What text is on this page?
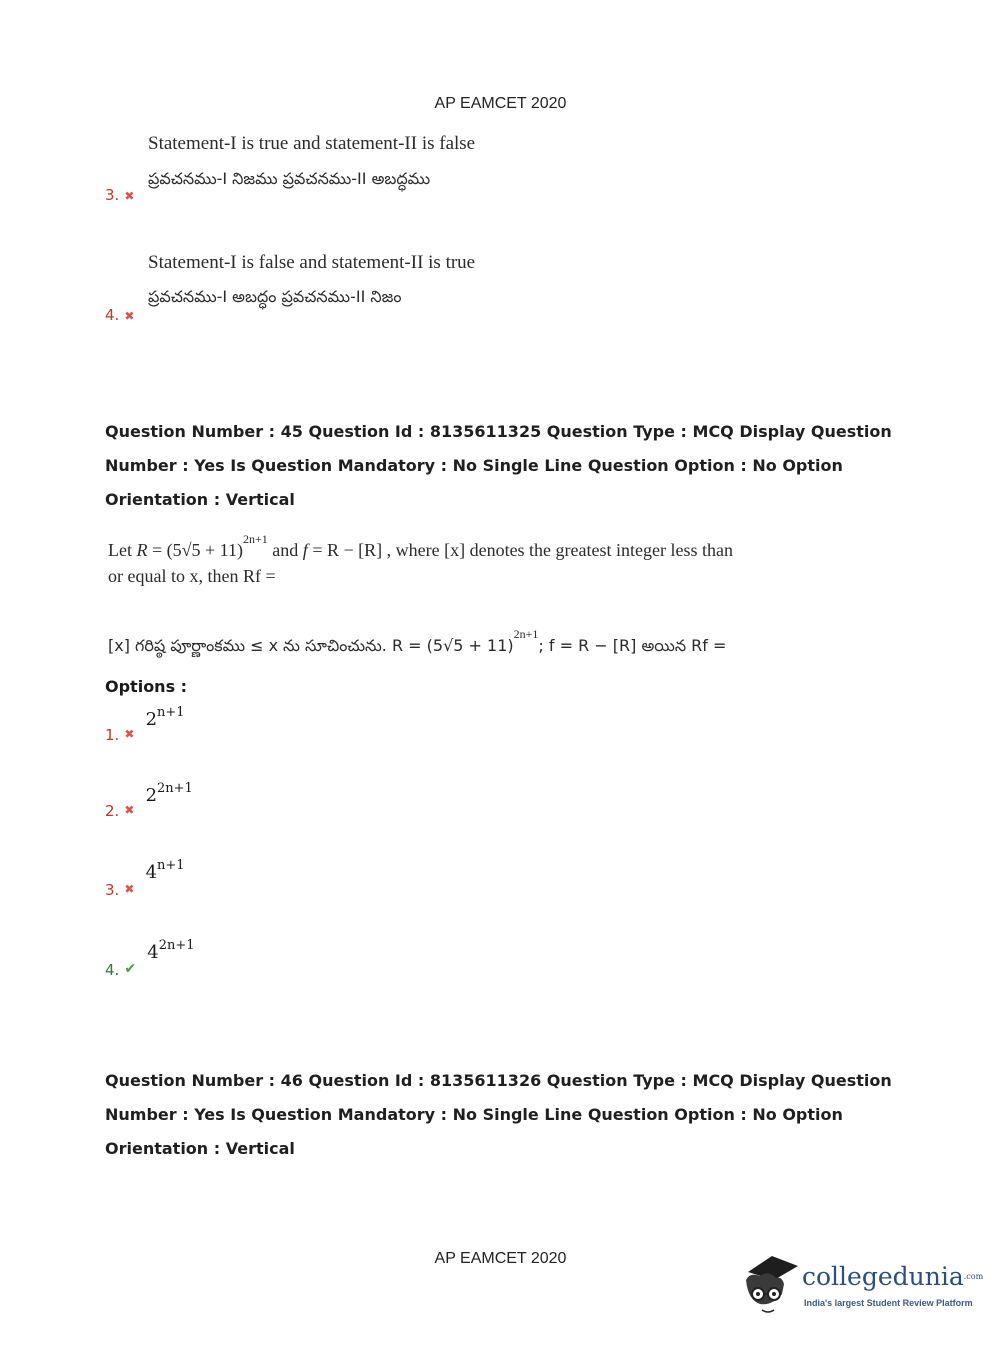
AP EAMCET 2020
Statement-I is true and statement-II is false
ప్రవచనము-I నిజము ప్రవచనము-II అబద్ధము
3. ✖
Statement-I is false and statement-II is true
ప్రవచనము-I అబద్ధం ప్రవచనము-II నిజం
4. ✖
Question Number : 45 Question Id : 8135611325 Question Type : MCQ Display Question
Number : Yes Is Question Mandatory : No Single Line Question Option : No Option
Orientation : Vertical
Let $R = (5√5 + 11)^{2n+1}$ and f = R − [R] , where [x] denotes the greatest integer less than
or equal to x, then Rf =
[x] గరిష్ఠ పూర్ణాంకము ≤ x ను సూచించును. $R = (5√5 + 11)^{2n+1}$; f = R − [R] అయిన Rf =
Options :
1. $_✖$ $2^{n+1}$
2. $_✖$ $2^{2n+1}$
3. $_✖$ $4^{n+1}$
4. ✔ $4^{2n+1}$
Question Number : 46 Question Id : 8135611326 Question Type : MCQ Display Question
Number : Yes Is Question Mandatory : No Single Line Question Option : No Option
Orientation : Vertical
AP EAMCET 2020
collegedunia$^{.com}$
India's largest Student Review Platform
